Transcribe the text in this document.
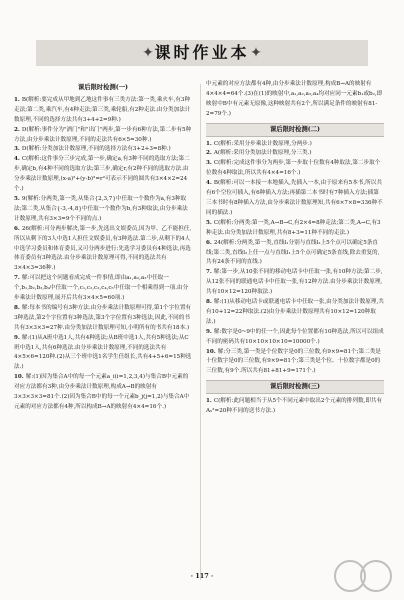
✦ 课时作业本 ✦
课后限时检测(一)

1. B(解析:要完成从甲地到乙地这件事有三类方法:第一类,乘火车,有3种走法;第二类,乘汽车,有4种走法;第三类,乘轮船,有2种走法.由分类加法计数原理,不同的选择方法共有3+4+2=9种.)

2. D(解析:事件分为"酒门"和"出门"两步,第一步有6种方法,第二步有5种方法,由分步乘法计数原理,不同的走法共有6×5=30种.)

3. D(解析:分类加法计数原理,不同的选择方法有3+2+3=8种.)

4. C(解析:这件事分三步完成,第一步,确定a,有3种不同的选取方法;第二步,确定b,有4种不同的选取方法;第三步,确定r,有2种不同的选取方法.由分步乘法计数原理,(x-a)²+(y-b)²=r²可表示不同的圆共有3×4×2=24个.)

5. 9(解析:分两类,第一类,从集合{2,3,7}中任取一个数作为a,有3种取法;第二类,从集合{-3,-4,8}中任取一个数作为b,有3种取法,由分步乘法计数原理,共有3×3=9个不同的点.)

6. 26(解析:可分两步解决,第一步,先选出文娱委员,因为甲、乙不能担任,所以从剩下的3人中选1人担任文娱委员,有3种选法.第二步,从剩下的4人中选学习委员和体育委员,又可分两步进行:先选学习委员有4种选法,再选体育委员有3种选法.由分步乘法计数原理可得,不同的选法共有3×4×3=36种.)

7. 解:可以把这个问题看成完成一件事情,即由a₁,a₂,a₃中任取一个,b₁,b₂,b₃,b₄中任取一个,c₁,c₂,c₃,c₄,c₅中任取一个相乘得到一项.由分步乘法计数原理,展开后共有3×4×5=60项.)

8. 解:每本书的编号有3种方法.由分步乘法计数原理可得,第1个字位置有3种选法,第2个字位置有3种选法,第3个字位置有3种选法,因此,不同的书共有3×3×3=27种.由分类加法计数原理可知,小明所有的书共有18本.)

9. 解:(1)从A班中选1人,共有4种选法;从B班中选1人,共有5种选法;从C班中选1人,共有6种选法.由分步乘法计数原理,不同的选法共有4×5×6=120种.(2)从三个班中选1名学生任组长,共有4+5+6=15种选法.)

10. 解:(1)因为集合A中的每一个元素a_i(i=1,2,3,4)与集合B中元素的对应方法都有3种,由分步乘法计数原理,构成A→B的映射有3×3×3×3=81个.(2)因为集合B中的每一个元素b_j(j=1,2)与集合A中元素的对应方法都有4种,所以构成B→A的映射有4×4=16个.)

中元素的对应方法都有4种,由分步乘法计数原理,构成B→A的映射有4×4×4=64个.(3)在(1)的映射中,a₁,a₂,a₃,a₄均对应同一元素b₁或b₂,即映射中B中有元素无原像,这种映射共有2个,所以满足条件的映射有81-2=79个.)

课后限时检测(二)

1. C(解析:采用分步乘法计数原理,分两步.)

2. A(解析:采用分类加法计数原理,分三类.)

3. C(解析:完成这件事分为两步,第一步取十位数有4种取法,第二步取个位数有4种取法,所以共有4×4=16个.)

4. B(解析:可以一本接一本地插入,先插入一本,由于原来有5本书,所以共有6个空位可插入,有6种插入方法;再插第二本书时有7种插入方法;插第三本书时有8种插入方法,由分步乘法计数原理知,共有6×7×8=336种不同的插法.)

5. C(解析:分两类:第一类,A→B→C,有2×4=8种走法;第二类,A→C,有3种走法.由分类加法计数原理,共有8+3=11种不同的走法.)

6. 24(解析:分两类,第一类,直线l₁分别与直线l₂上5个点可以确定5条直线;第二类,直线l₂上任一点与直线l₁上5个点可确定5条直线,除去重复的,共有24条不同的直线.)

7. 解:第一步,从10张不同的移动电话卡中任取一张,有10种方法;第二步,从12张不同的联通电话卡中任取一张,有12种方法.由分步乘法计数原理,共有10×12=120种取法.)

8. 解:(1)从移动电话卡或联通电话卡中任取一张,由分类加法计数原理,共有10+12=22种取法.(2)由分步乘法计数原理共有10×12=120种取法.)

9. 解:数字是0~9中的任一个,因此每个位置都有10种选法,所以可以组成不同的密码共有10×10×10×10=10000个.)

10. 解:分三类,第一类是个位数字是0的三位数,有9×9=81个;第二类是十位数字是0的三位数,有9×9=81个;第三类是个位、十位数字都是0的三位数,有9个.所以共有81+81+9=171个.)

课后限时检测(三)

1. C(解析:此问题相当于从5个不同元素中取出2个元素的排列数,即共有A₅²=20种不同的送书方法.)

· 117 ·
